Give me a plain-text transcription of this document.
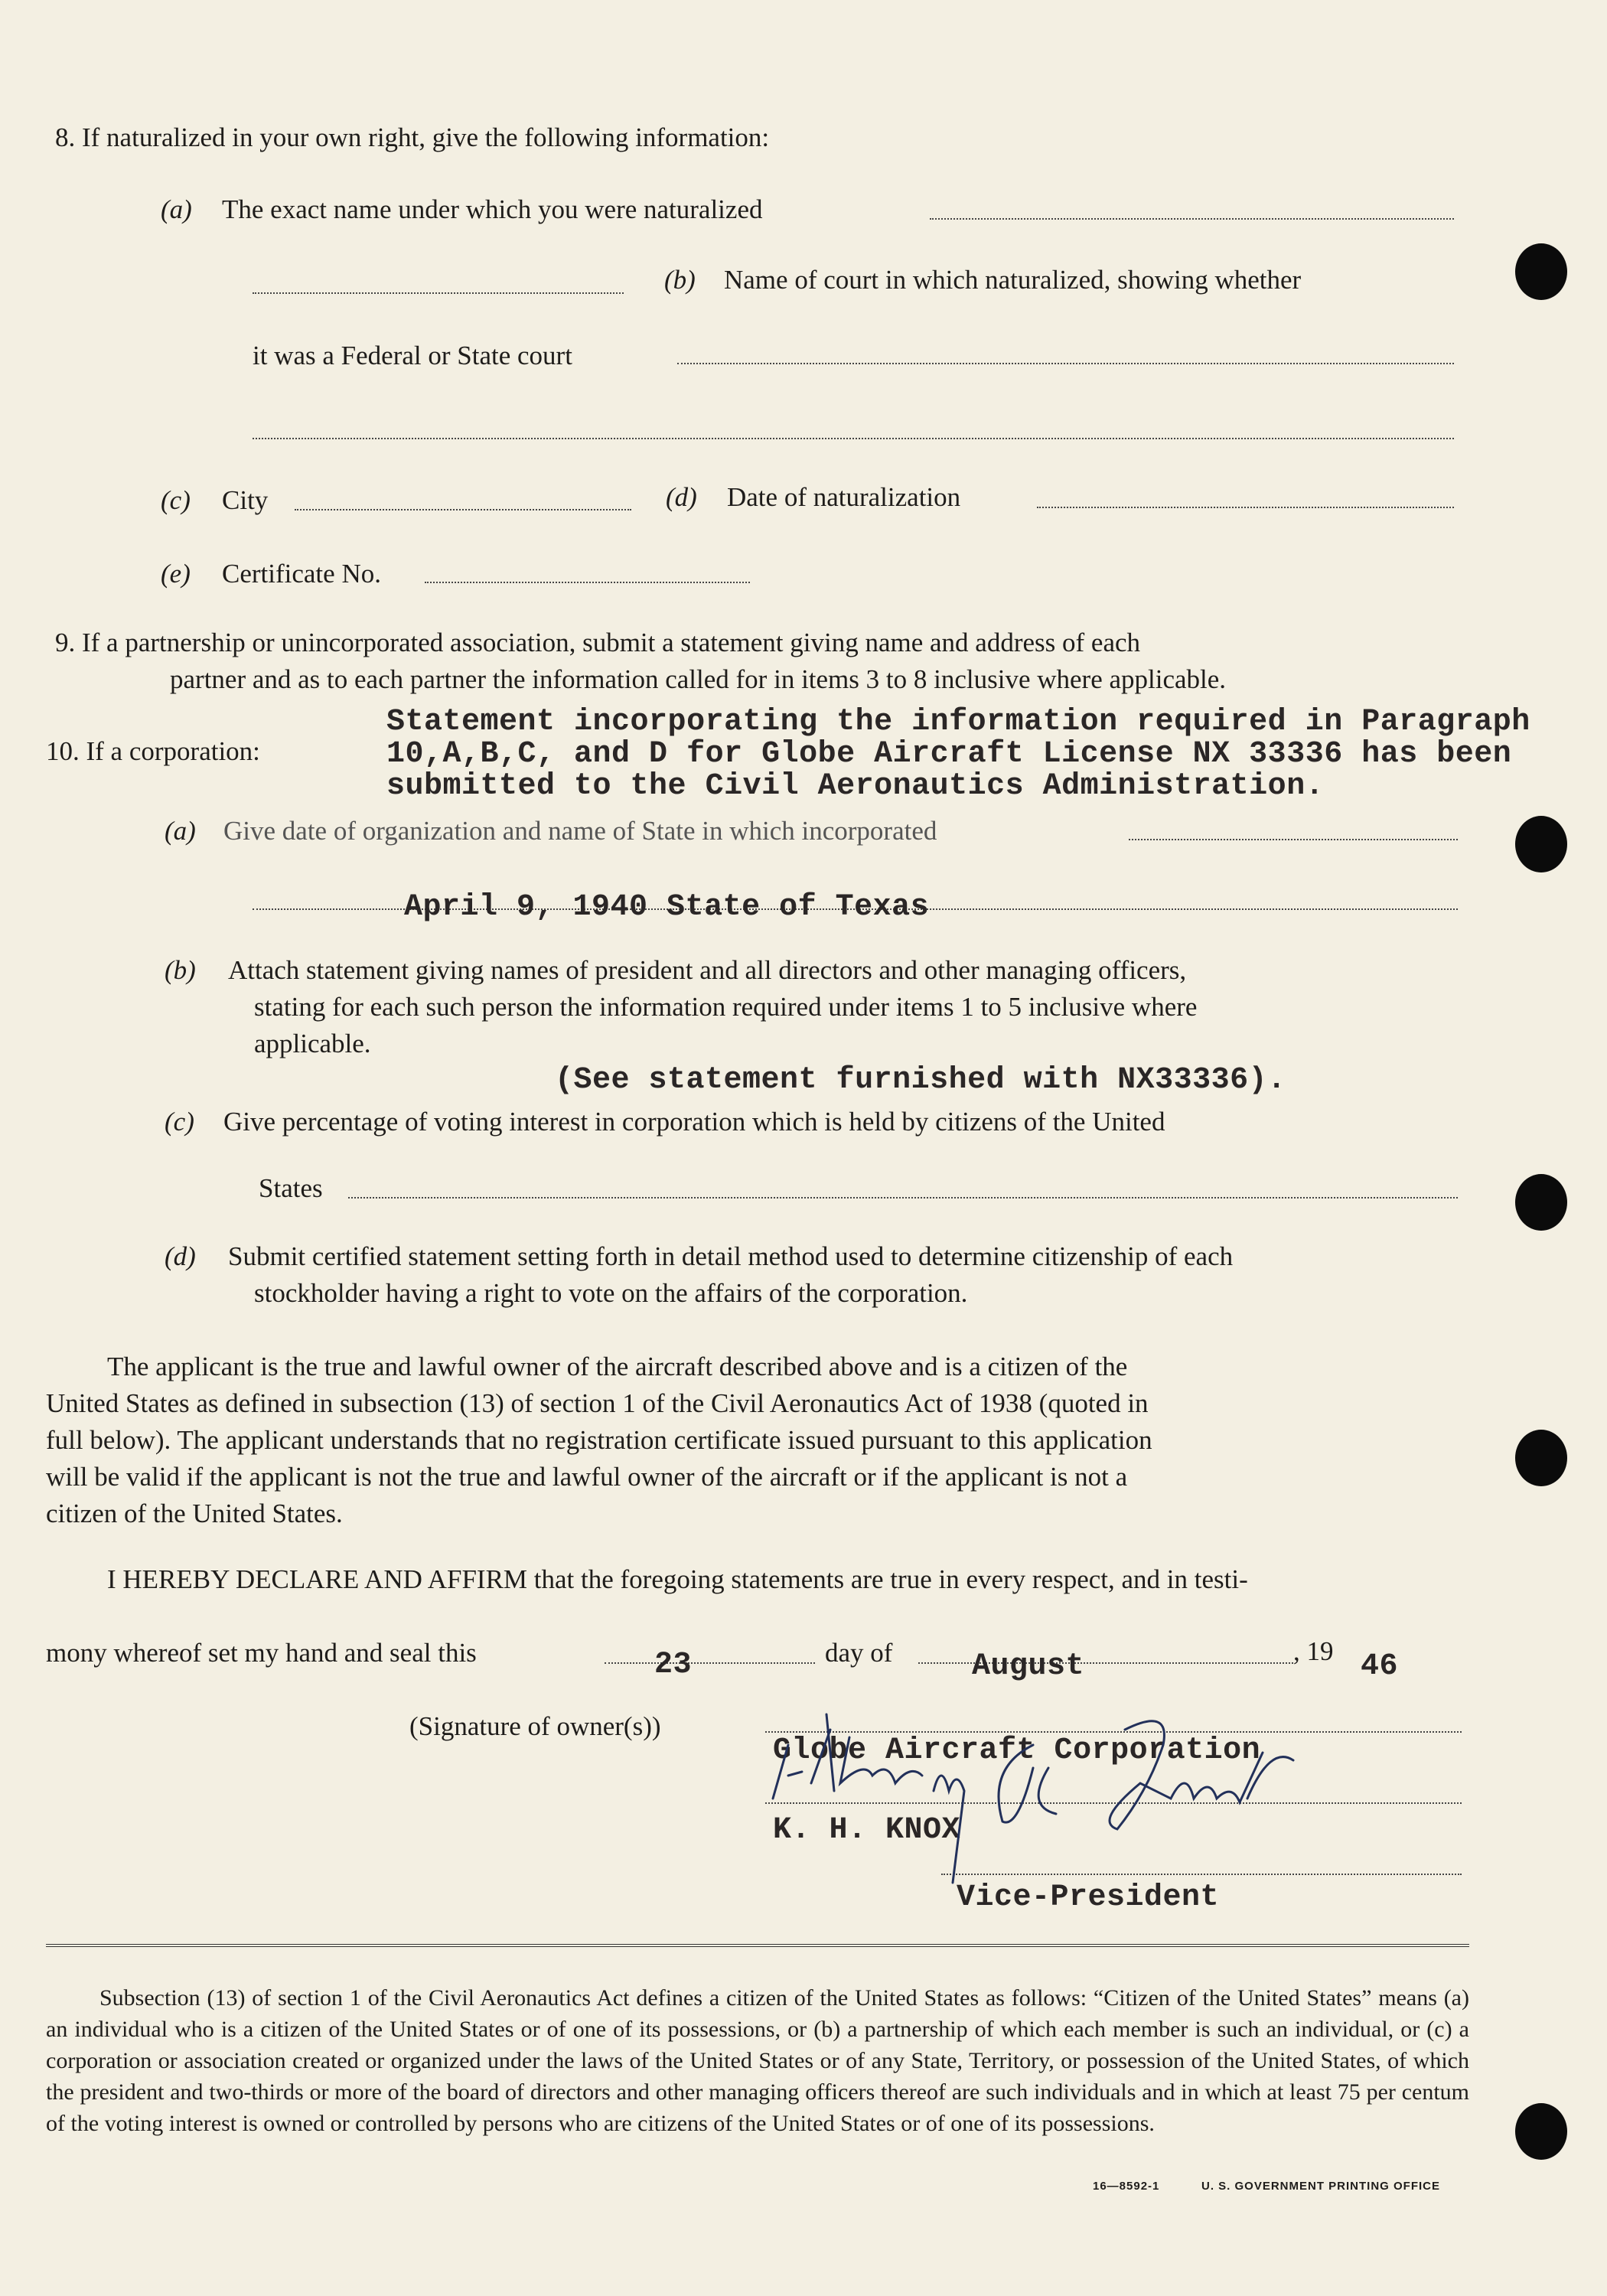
8. If naturalized in your own right, give the following information:
(a) The exact name under which you were naturalized
(b) Name of court in which naturalized, showing whether
it was a Federal or State court
(c) City	(d) Date of naturalization
(e) Certificate No.
9. If a partnership or unincorporated association, submit a statement giving name and address of each
partner and as to each partner the information called for in items 3 to 8 inclusive where applicable.
10. If a corporation:
Statement incorporating the information required in Paragraph
10,A,B,C, and D for Globe Aircraft License NX 33336 has been
submitted to the Civil Aeronautics Administration.
(a) Give date of organization and name of State in which incorporated
April 9, 1940 State of Texas
(b) Attach statement giving names of president and all directors and other managing officers,
stating for each such person the information required under items 1 to 5 inclusive where
applicable.
(See statement furnished with NX33336).
(c) Give percentage of voting interest in corporation which is held by citizens of the United
States
(d) Submit certified statement setting forth in detail method used to determine citizenship of each
stockholder having a right to vote on the affairs of the corporation.
The applicant is the true and lawful owner of the aircraft described above and is a citizen of the
United States as defined in subsection (13) of section 1 of the Civil Aeronautics Act of 1938 (quoted in
full below). The applicant understands that no registration certificate issued pursuant to this application
will be valid if the applicant is not the true and lawful owner of the aircraft or if the applicant is not a
citizen of the United States.
I HEREBY DECLARE AND AFFIRM that the foregoing statements are true in every respect, and in testi-
mony whereof set my hand and seal this	23	day of	August	, 19 46
(Signature of owner(s))
Globe Aircraft Corporation
K. H. KNOX
Vice-President
Subsection (13) of section 1 of the Civil Aeronautics Act defines a citizen of the United States as follows: “Citizen of the United States” means (a) an individual who is a citizen of the United States or of one of its possessions, or (b) a partnership of which each member is such an individual, or (c) a corporation or association created or organized under the laws of the United States or of any State, Territory, or possession of the United States, of which the president and two-thirds or more of the board of directors and other managing officers thereof are such individuals and in which at least 75 per centum of the voting interest is owned or controlled by persons who are citizens of the United States or of one of its possessions.
16—8592-1	U. S. GOVERNMENT PRINTING OFFICE
